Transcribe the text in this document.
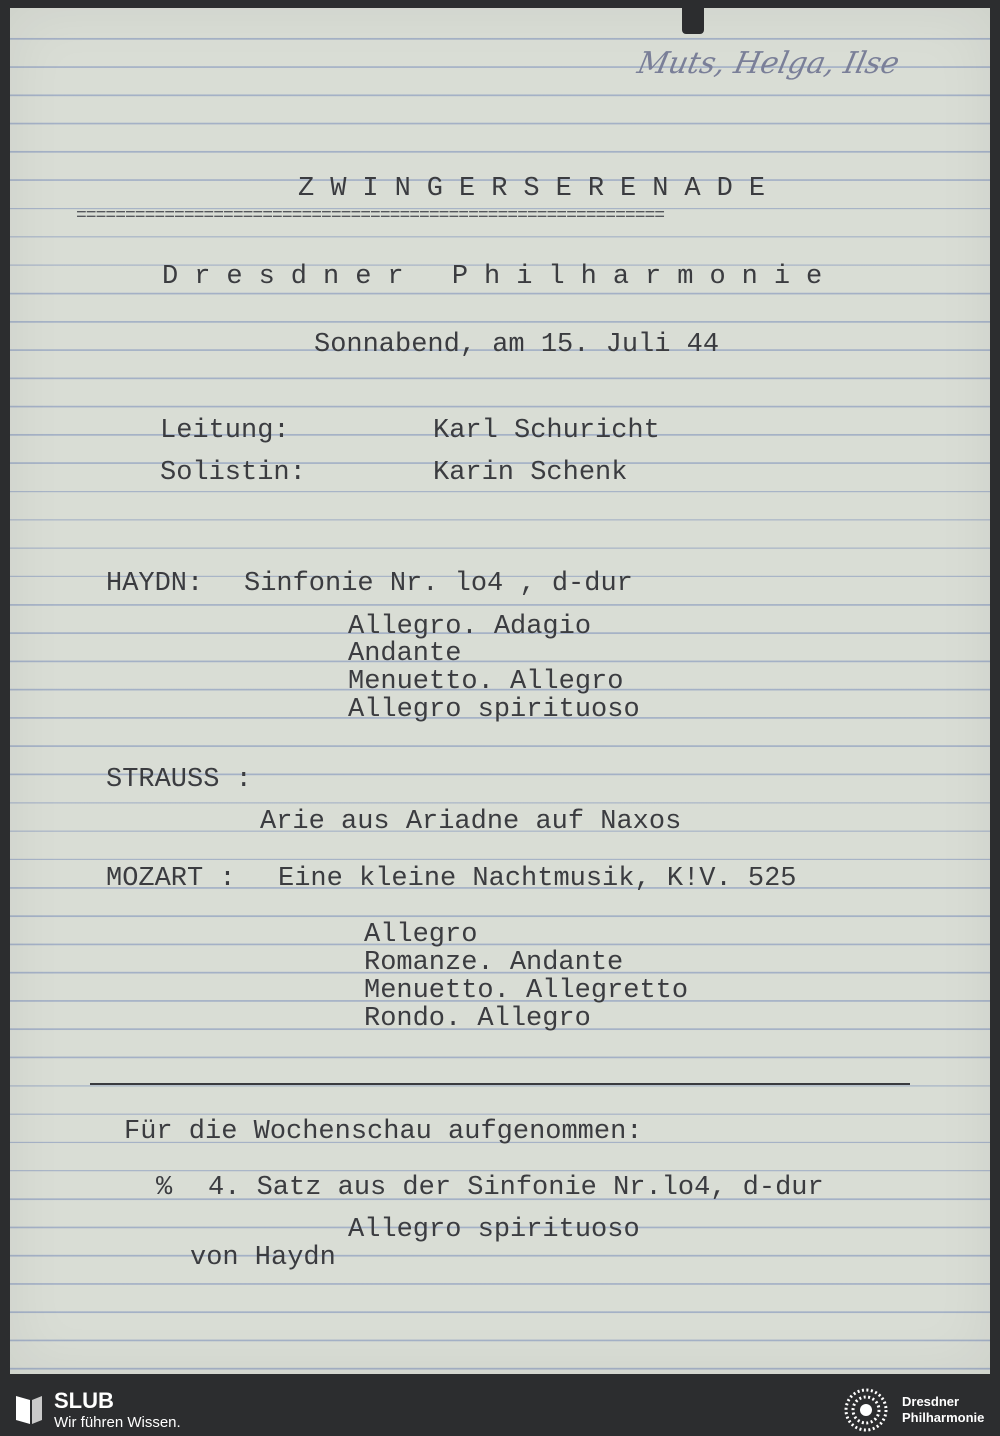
Muts, Helga, Ilse

ZWINGERSERENADE

============================================================

Dresdner Philharmonie

Sonnabend, am 15. Juli 44

Leitung:	Karl Schuricht

Solistin:	Karin Schenk

HAYDN: Sinfonie Nr. lo4 , d-dur

Allegro. Adagio

Andante

Menuetto. Allegro

Allegro spirituoso

STRAUSS :

Arie aus Ariadne auf Naxos

MOZART : Eine kleine Nachtmusik, K!V. 525

Allegro

Romanze. Andante

Menuetto. Allegretto

Rondo. Allegro

Für die Wochenschau aufgenommen:

% 4. Satz aus der Sinfonie Nr.lo4, d-dur

Allegro spirituoso

von Haydn

SLUB
Wir führen Wissen.
Dresdner
Philharmonie
